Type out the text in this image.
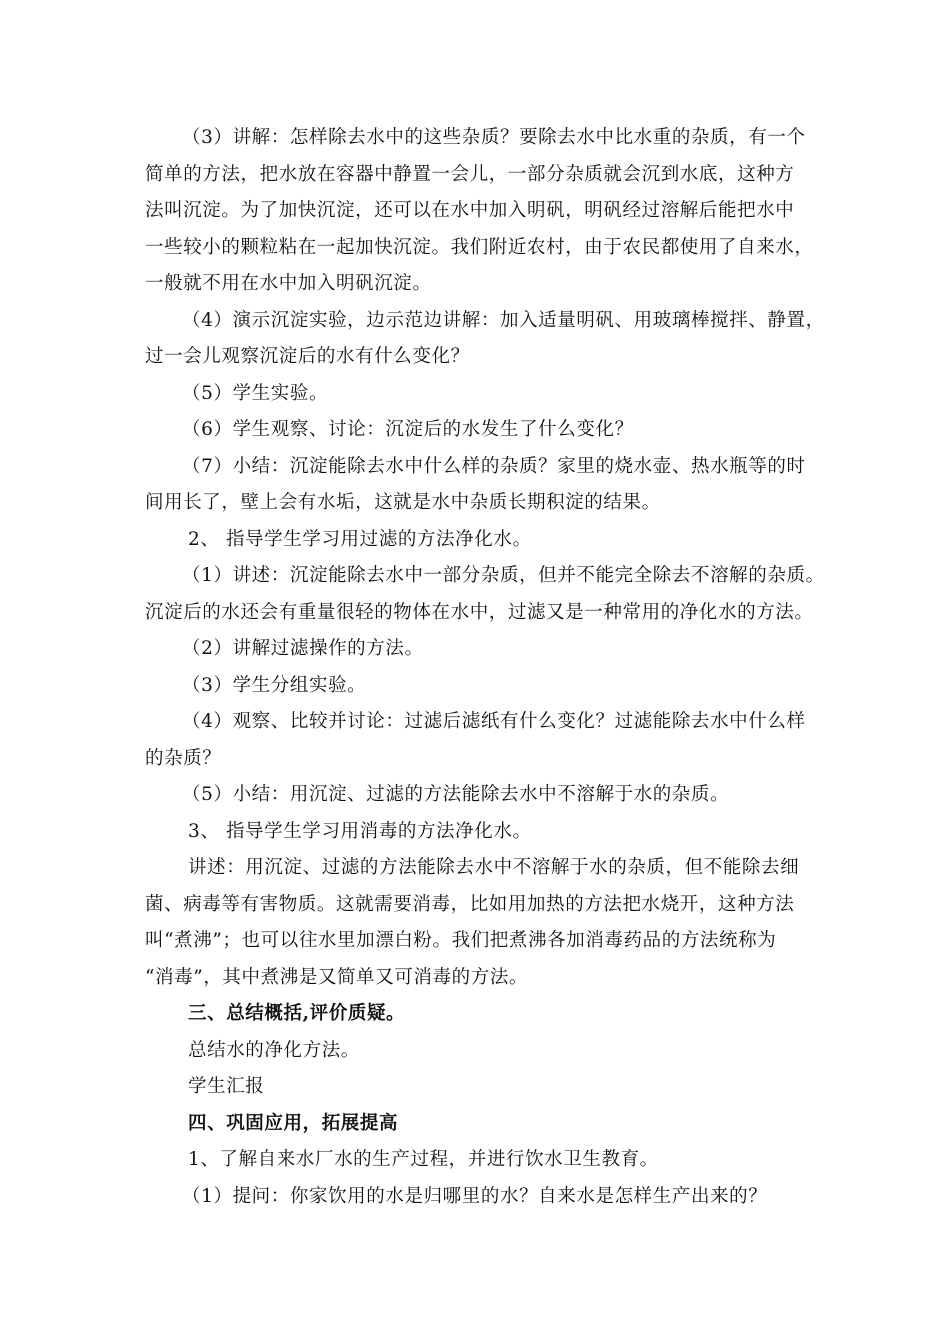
（3）讲解：怎样除去水中的这些杂质？要除去水中比水重的杂质，有一个
简单的方法，把水放在容器中静置一会儿，一部分杂质就会沉到水底，这种方
法叫沉淀。为了加快沉淀，还可以在水中加入明矾，明矾经过溶解后能把水中
一些较小的颗粒粘在一起加快沉淀。我们附近农村，由于农民都使用了自来水，
一般就不用在水中加入明矾沉淀。
（4）演示沉淀实验，边示范边讲解：加入适量明矾、用玻璃棒搅拌、静置，
过一会儿观察沉淀后的水有什么变化？
（5）学生实验。
（6）学生观察、讨论：沉淀后的水发生了什么变化？
（7）小结：沉淀能除去水中什么样的杂质？家里的烧水壶、热水瓶等的时
间用长了，壁上会有水垢，这就是水中杂质长期积淀的结果。
2、 指导学生学习用过滤的方法净化水。
（1）讲述：沉淀能除去水中一部分杂质，但并不能完全除去不溶解的杂质。
沉淀后的水还会有重量很轻的物体在水中，过滤又是一种常用的净化水的方法。
（2）讲解过滤操作的方法。
（3）学生分组实验。
（4）观察、比较并讨论：过滤后滤纸有什么变化？过滤能除去水中什么样
的杂质？
（5）小结：用沉淀、过滤的方法能除去水中不溶解于水的杂质。
3、 指导学生学习用消毒的方法净化水。
讲述：用沉淀、过滤的方法能除去水中不溶解于水的杂质，但不能除去细
菌、病毒等有害物质。这就需要消毒，比如用加热的方法把水烧开，这种方法
叫“煮沸”；也可以往水里加漂白粉。我们把煮沸各加消毒药品的方法统称为
“消毒”，其中煮沸是又简单又可消毒的方法。
三、总结概括,评价质疑。
总结水的净化方法。
学生汇报
四、巩固应用，拓展提高
1、了解自来水厂水的生产过程，并进行饮水卫生教育。
（1）提问：你家饮用的水是归哪里的水？自来水是怎样生产出来的？
